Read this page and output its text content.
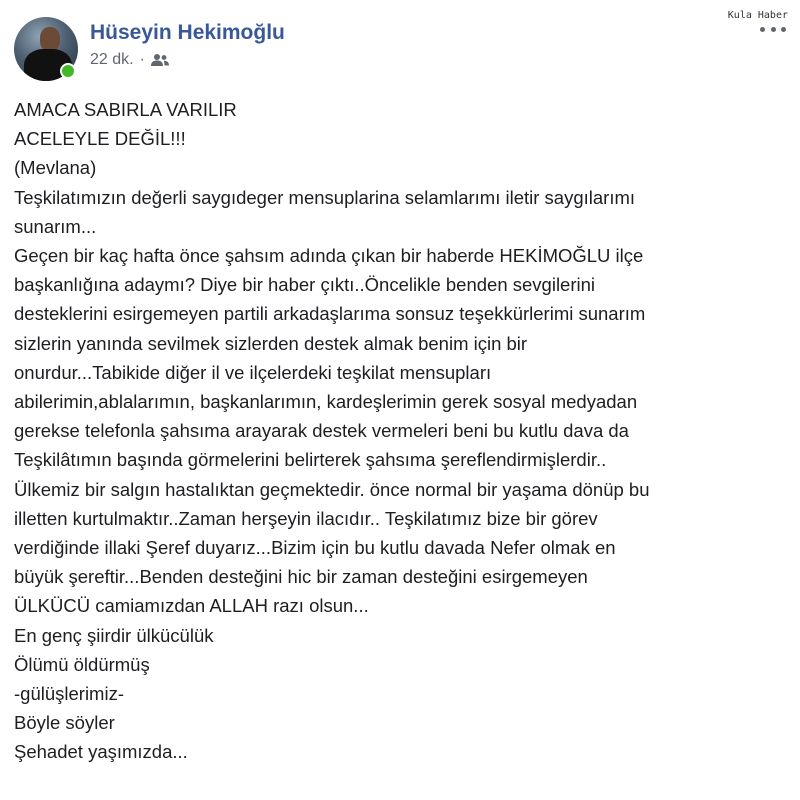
Kula Haber
Hüseyin Hekimoğlu
22 dk. ·

AMACA SABIRLA VARILIR
ACELEYLE DEĞİL!!!
(Mevlana)
Teşkilatımızın değerli saygıdeger mensuplarina selamlarımı iletir saygılarımı
sunarım...
Geçen bir kaç hafta önce şahsım adında çıkan bir haberde HEKİMOĞLU ilçe
başkanlığına adaymı? Diye bir haber çıktı..Öncelikle benden sevgilerini
desteklerini esirgemeyen partili arkadaşlarıma sonsuz teşekkürlerimi sunarım
sizlerin yanında sevilmek sizlerden destek almak benim için bir
onurdur...Tabikide diğer il ve ilçelerdeki teşkilat mensupları
abilerimin,ablalarımın, başkanlarımın, kardeşlerimin gerek sosyal medyadan
gerekse telefonla şahsıma arayarak destek vermeleri beni bu kutlu dava da
Teşkilâtımın başında görmelerini belirterek şahsıma şereflendirmişlerdir..
Ülkemiz bir salgın hastalıktan geçmektedir. önce normal bir yaşama dönüp bu
illetten kurtulmaktır..Zaman herşeyin ilacıdır.. Teşkilatımız bize bir görev
verdiğinde illaki Şeref duyarız...Bizim için bu kutlu davada Nefer olmak en
büyük şereftir...Benden desteğini hic bir zaman desteğini esirgemeyen
ÜLKÜCÜ camiamızdan ALLAH razı olsun...

En genç şiirdir ülkücülük
Ölümü öldürmüş
-gülüşlerimiz-
Böyle söyler
Şehadet yaşımızda...
